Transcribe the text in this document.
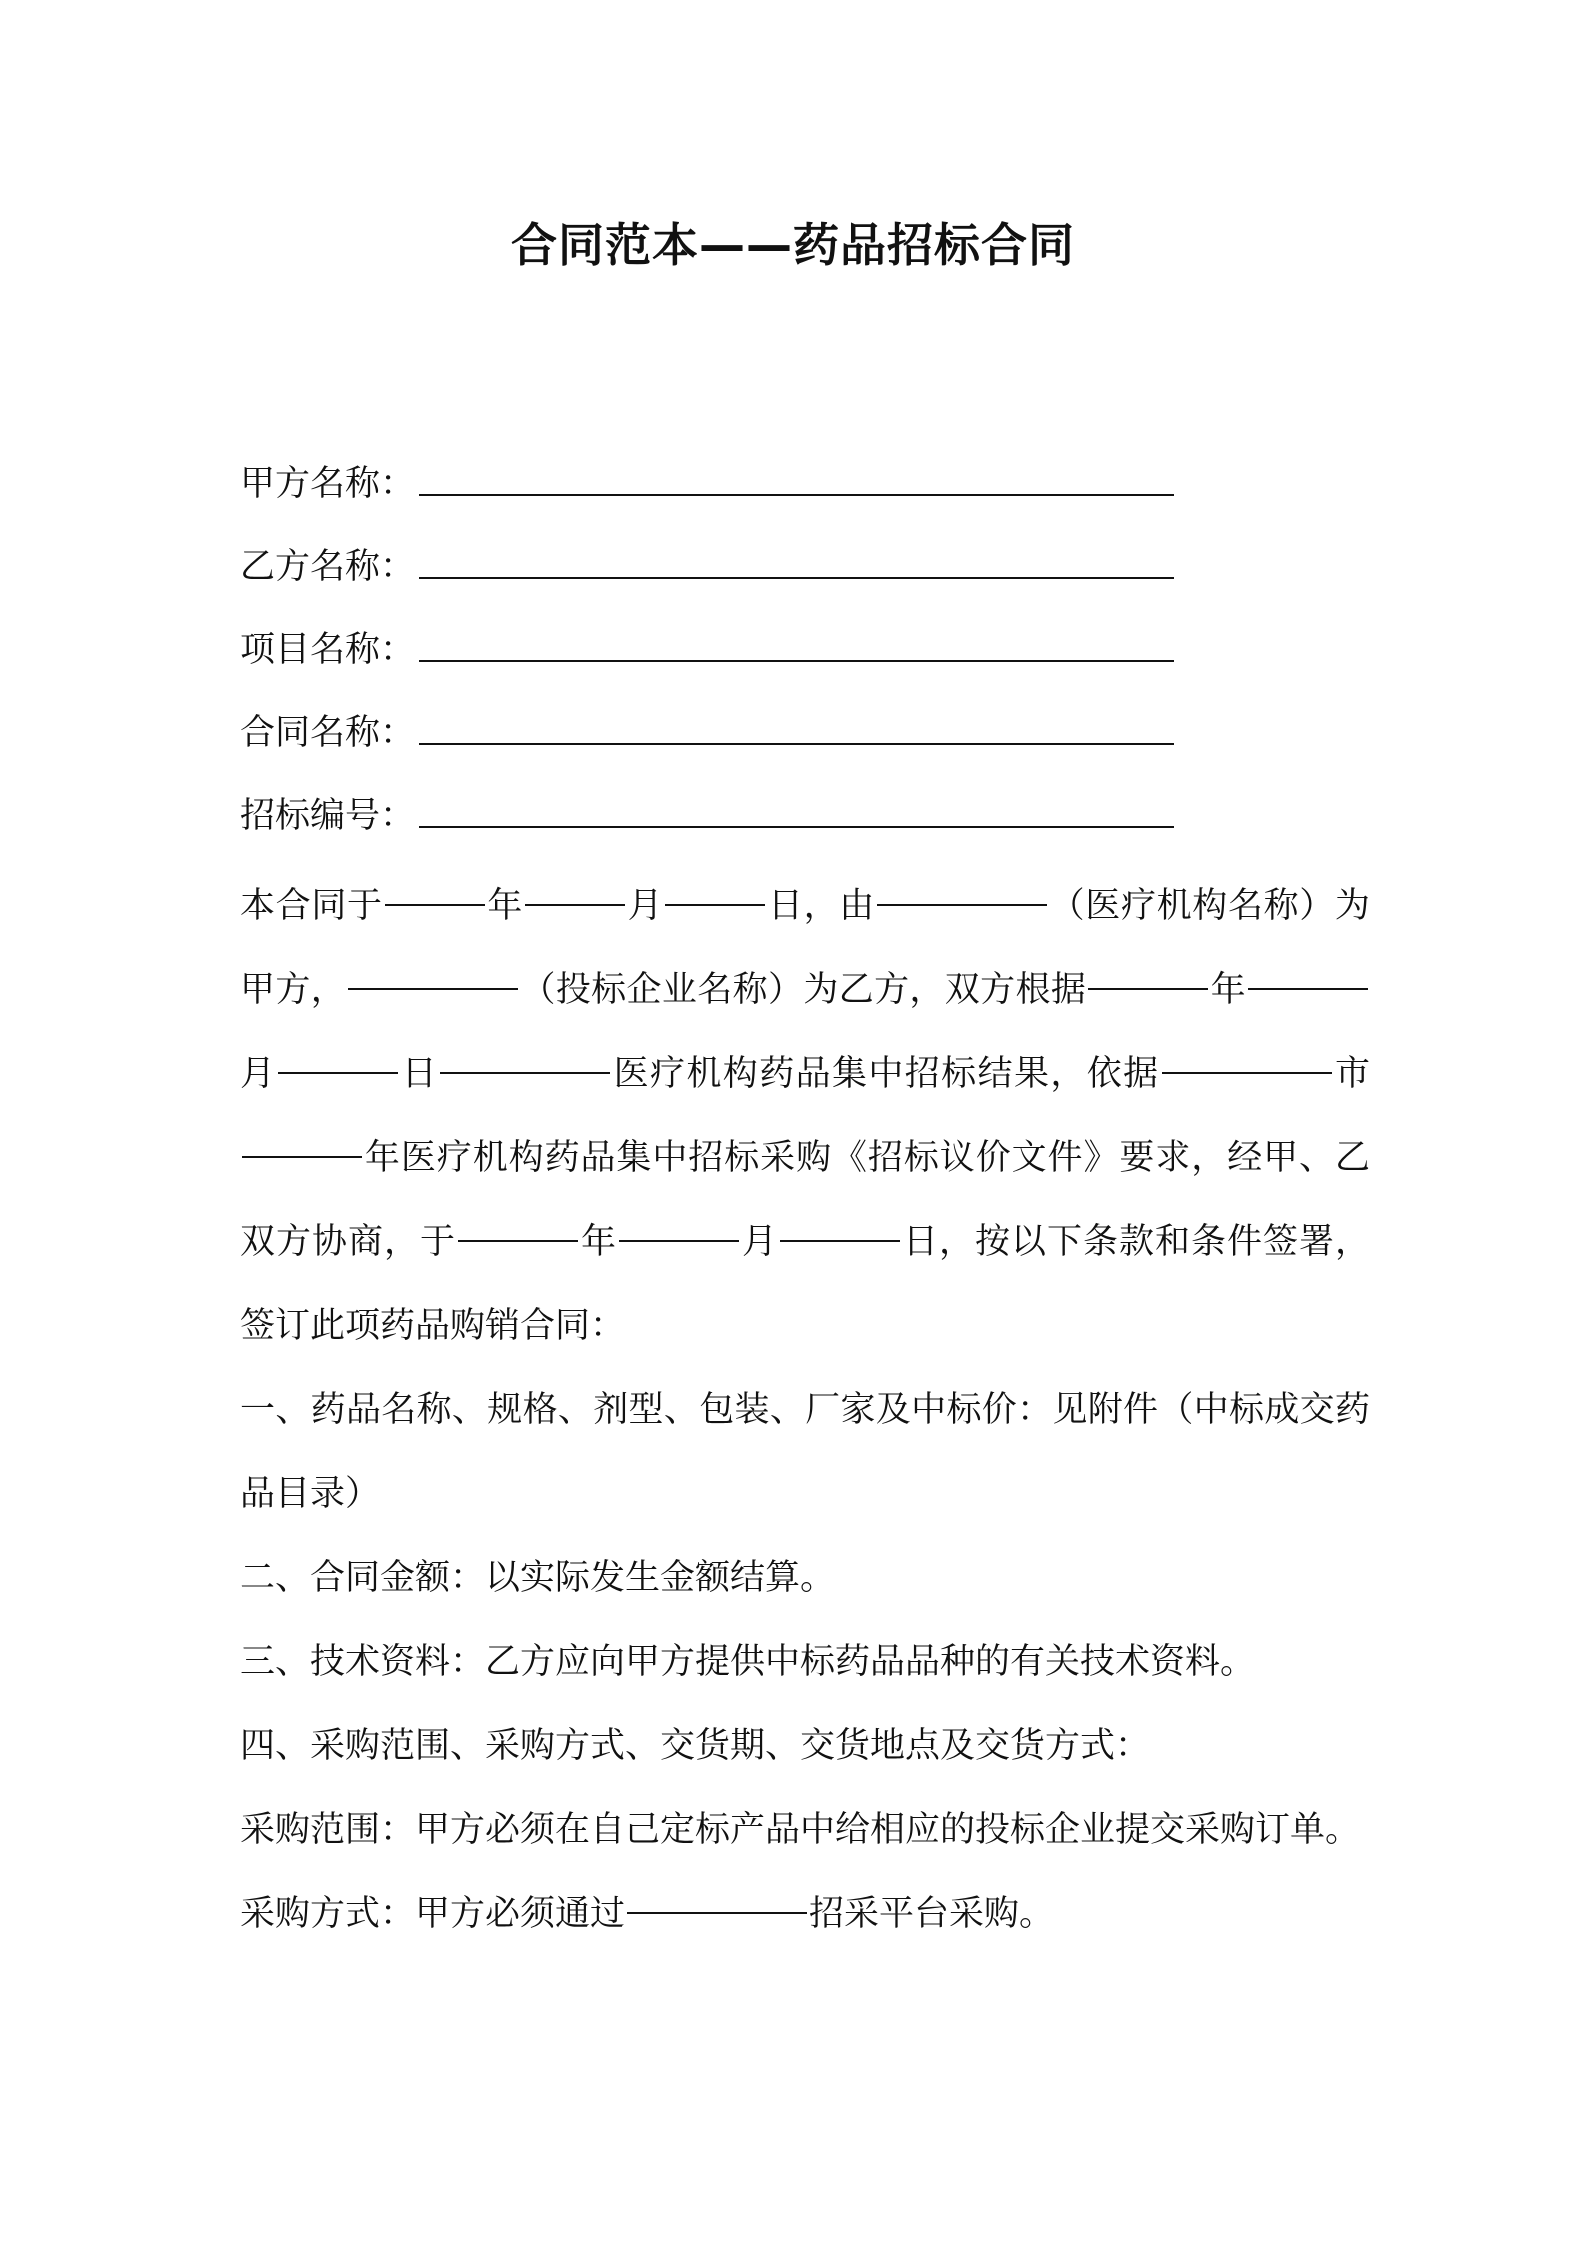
合同范本——药品招标合同
甲方名称：
乙方名称：
项目名称：
合同名称：
招标编号：

本合同于	年	月	日，由	（医疗机构名称）为甲方，	（投标企业名称）为乙方，双方根据	年月	日	医疗机构药品集中招标结果，依据	市年医疗机构药品集中招标采购《招标议价文件》要求，经甲、乙双方协商，于	年	月	日，按以下条款和条件签署，签订此项药品购销合同：

一、药品名称、规格、剂型、包装、厂家及中标价：见附件（中标成交药品目录）

二、合同金额：以实际发生金额结算。

三、技术资料：乙方应向甲方提供中标药品品种的有关技术资料。

四、采购范围、采购方式、交货期、交货地点及交货方式：

采购范围：甲方必须在自己定标产品中给相应的投标企业提交采购订单。

采购方式：甲方必须通过	招采平台采购。
